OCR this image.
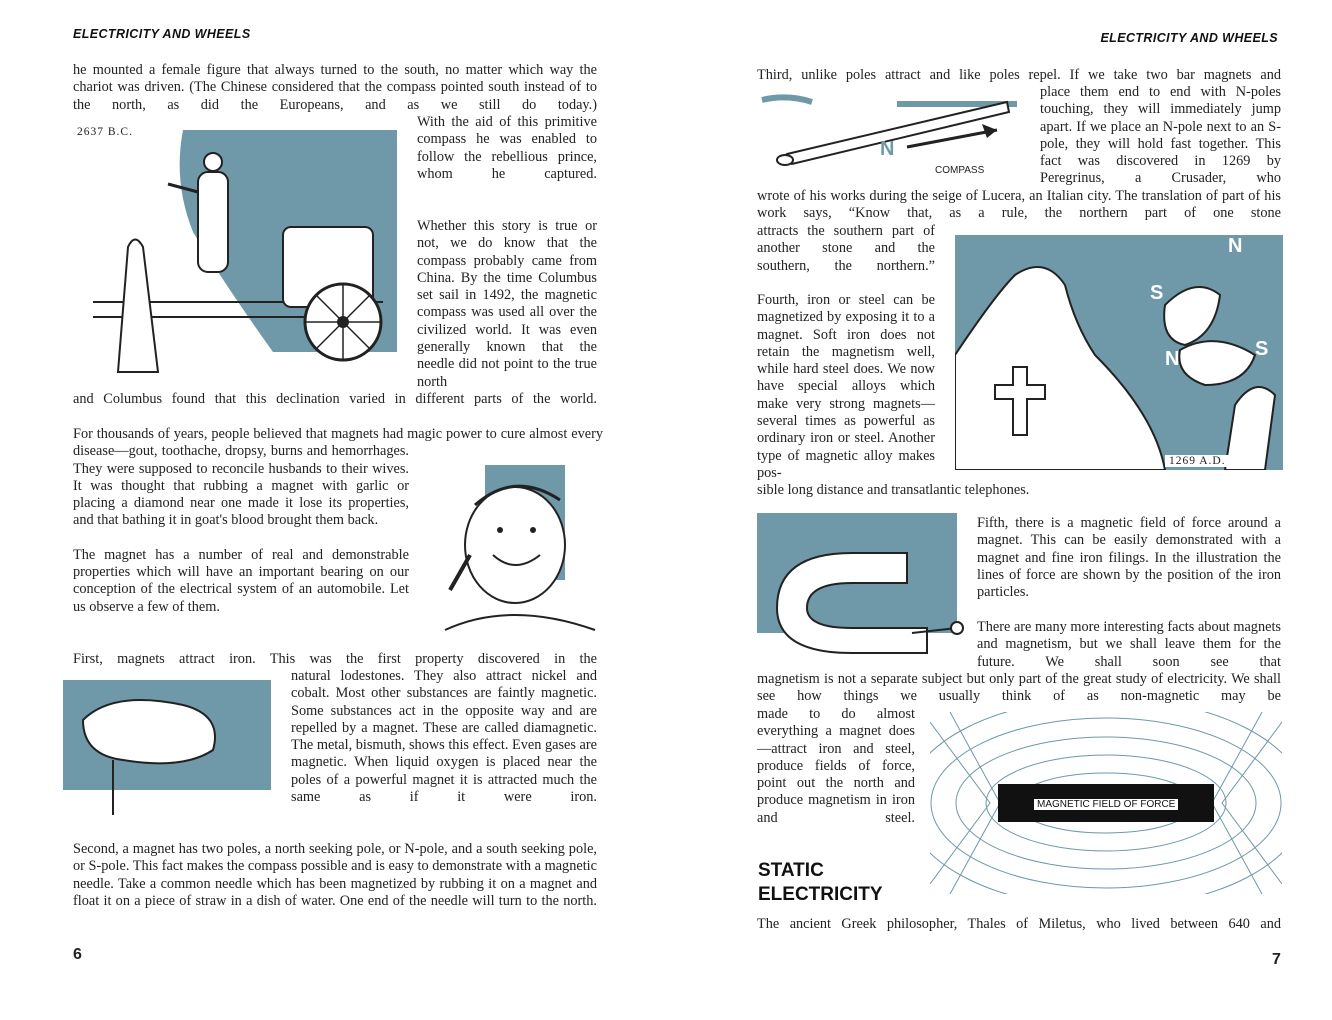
ELECTRICITY AND WHEELS
he mounted a female figure that always turned to the south, no matter which way the chariot was driven. (The Chinese considered that the compass pointed south instead of to the north, as did the Europeans, and as we still do today.)
With the aid of this primitive compass he was enabled to follow the rebellious prince, whom he captured.
Whether this story is true or not, we do know that the compass probably came from China. By the time Columbus set sail in 1492, the magnetic compass was used all over the civilized world. It was even generally known that the needle did not point to the true north
and Columbus found that this declination varied in different parts of the world.
2637 B.C.

For thousands of years, people believed that magnets had magic power to cure almost every disease—gout, toothache, dropsy, burns and hemorrhages. They were supposed to reconcile husbands to their wives. It was thought that rubbing a magnet with garlic or placing a diamond near one made it lose its properties, and that bathing it in goat's blood brought them back.

The magnet has a number of real and demonstrable properties which will have an important bearing on our conception of the electrical system of an automobile. Let us observe a few of them.

First, magnets attract iron. This was the first property discovered in the
natural lodestones. They also attract nickel and cobalt. Most other substances are faintly magnetic. Some substances act in the opposite way and are repelled by a magnet. These are called diamagnetic. The metal, bismuth, shows this effect. Even gases are magnetic. When liquid oxygen is placed near the poles of a powerful magnet it is attracted much the same as if it were iron.
Second, a magnet has two poles, a north seeking pole, or N-pole, and a south seeking pole, or S-pole. This fact makes the compass possible and is easy to demonstrate with a magnetic needle. Take a common needle which has been magnetized by rubbing it on a magnet and float it on a piece of straw in a dish of water. One end of the needle will turn to the north.
6
ELECTRICITY AND WHEELS
Third, unlike poles attract and like poles repel. If we take two bar magnets and
place them end to end with N-poles touching, they will immediately jump apart. If we place an N-pole next to an S-pole, they will hold fast together. This fact was discovered in 1269 by Peregrinus, a Crusader, who
wrote of his works during the seige of Lucera, an Italian city. The translation of part of his work says, “Know that, as a rule, the northern part of one stone
attracts the southern part of another stone and the southern, the northern.”
N
COMPASS
N
S
N	S
1269 A.D.
Fourth, iron or steel can be magnetized by exposing it to a magnet. Soft iron does not retain the magnetism well, while hard steel does. We now have special alloys which make very strong magnets—several times as powerful as ordinary iron or steel. Another type of magnetic alloy makes pos-
sible long distance and transatlantic telephones.
Fifth, there is a magnetic field of force around a magnet. This can be easily demonstrated with a magnet and fine iron filings. In the illustration the lines of force are shown by the position of the iron particles.
There are many more interesting facts about magnets and magnetism, but we shall leave them for the future. We shall soon see that
magnetism is not a separate subject but only part of the great study of electricity. We shall see how things we usually think of as non-magnetic may be
made to do almost everything a magnet does—attract iron and steel, produce fields of force, point out the north and produce magnetism in iron and steel.
MAGNETIC FIELD OF FORCE
STATIC
ELECTRICITY
The ancient Greek philosopher, Thales of Miletus, who lived between 640 and
7
